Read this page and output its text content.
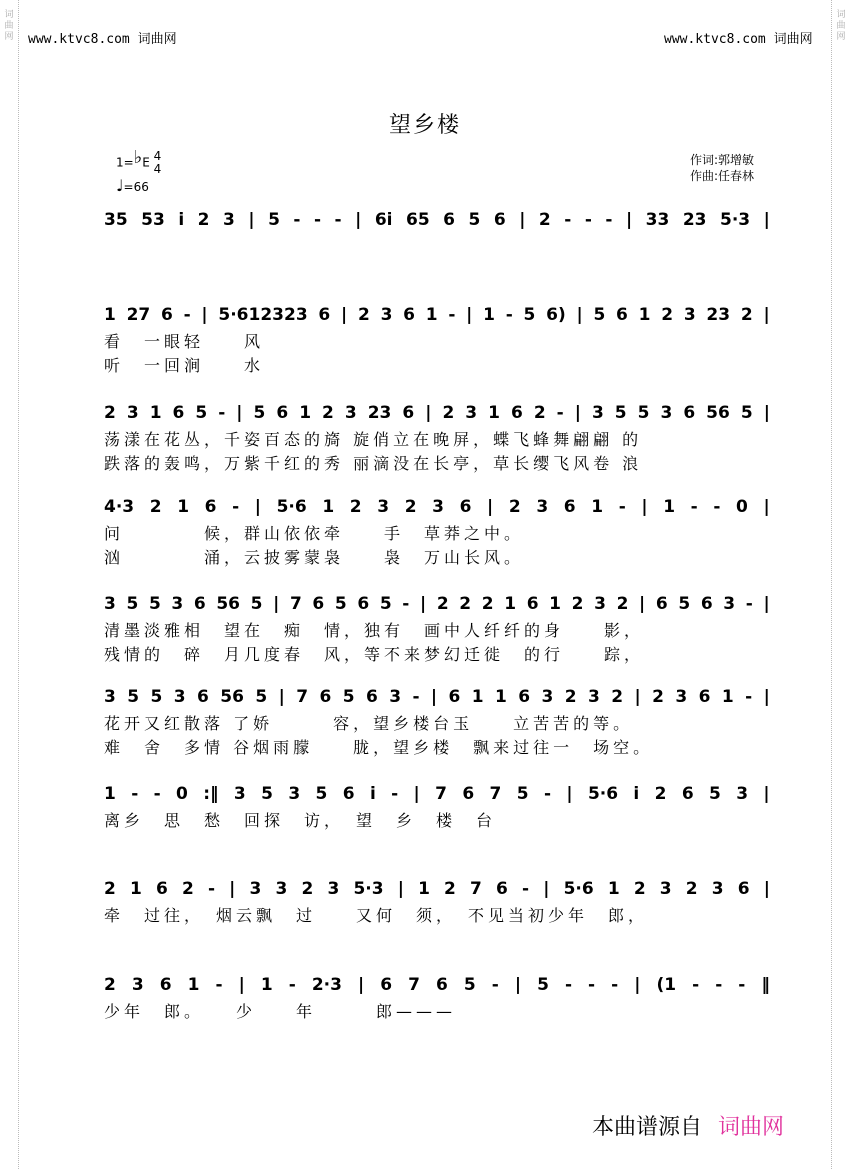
词
曲
网
词
曲
网
www.ktvc8.com 词曲网	www.ktvc8.com 词曲网
望乡楼
1=♭E 4
4
♩=66
作词:郭增敏
作曲:任春林
35 53 i 2 3 | 5 - - - | 6i 65 6 5 6 | 2 - - - | 33 23 5·3 |
1 27 6 - | 5·612323 6 | 2 3 6 1 - | 1 - 5 6) | 5 6 1 2 3 23 2 |
看　一眼轻　　风
听　一回涧　　水
2 3 1 6 5 - | 5 6 1 2 3 23 6 | 2 3 1 6 2 - | 3 5 5 3 6 56 5 |
荡漾在花丛，千姿百态的旖 旋俏立在晚屏，蝶飞蜂舞翩翩 的
跌落的轰鸣，万紫千红的秀 丽滴没在长亭，草长缨飞风卷 浪
4·3 2 1 6 - | 5·6 1 2 3 2 3 6 | 2 3 6 1 - | 1 - - 0 |
问　　　　候，群山依依牵　　手　草莽之中。
汹　　　　涌，云披雾蒙袅　　袅　万山长风。
3 5 5 3 6 56 5 | 7 6 5 6 5 - | 2 2 2 1 6 1 2 3 2 | 6 5 6 3 - |
清墨淡雅相　望在　痴　情，独有　画中人纤纤的身　　影，
残情的　碎　月几度春　风，等不来梦幻迁徙　的行　　踪，
3 5 5 3 6 56 5 | 7 6 5 6 3 - | 6 1 1 6 3 2 3 2 | 2 3 6 1 - |
花开又红散落 了娇　　　容，望乡楼台玉　　立苦苦的等。
难　舍　多情 谷烟雨朦　　胧，望乡楼　飘来过往一　场空。
1 - - 0 :‖ 3 5 3 5 6 i - | 7 6 7 5 - | 5·6 i 2 6 5 3 |
离乡　思　愁　回探　访，　望　乡　楼　台
2 1 6 2 - | 3 3 2 3 5·3 | 1 2 7 6 - | 5·6 1 2 3 2 3 6 |
牵　过往，　烟云飘　过　　又何　须，　不见当初少年　郎，
2 3 6 1 - | 1 - 2·3 | 6 7 6 5 - | 5 - - - | (1 - - - ‖
少年　郎。　　少　　年　　　郎———
本曲谱源自 词曲网
